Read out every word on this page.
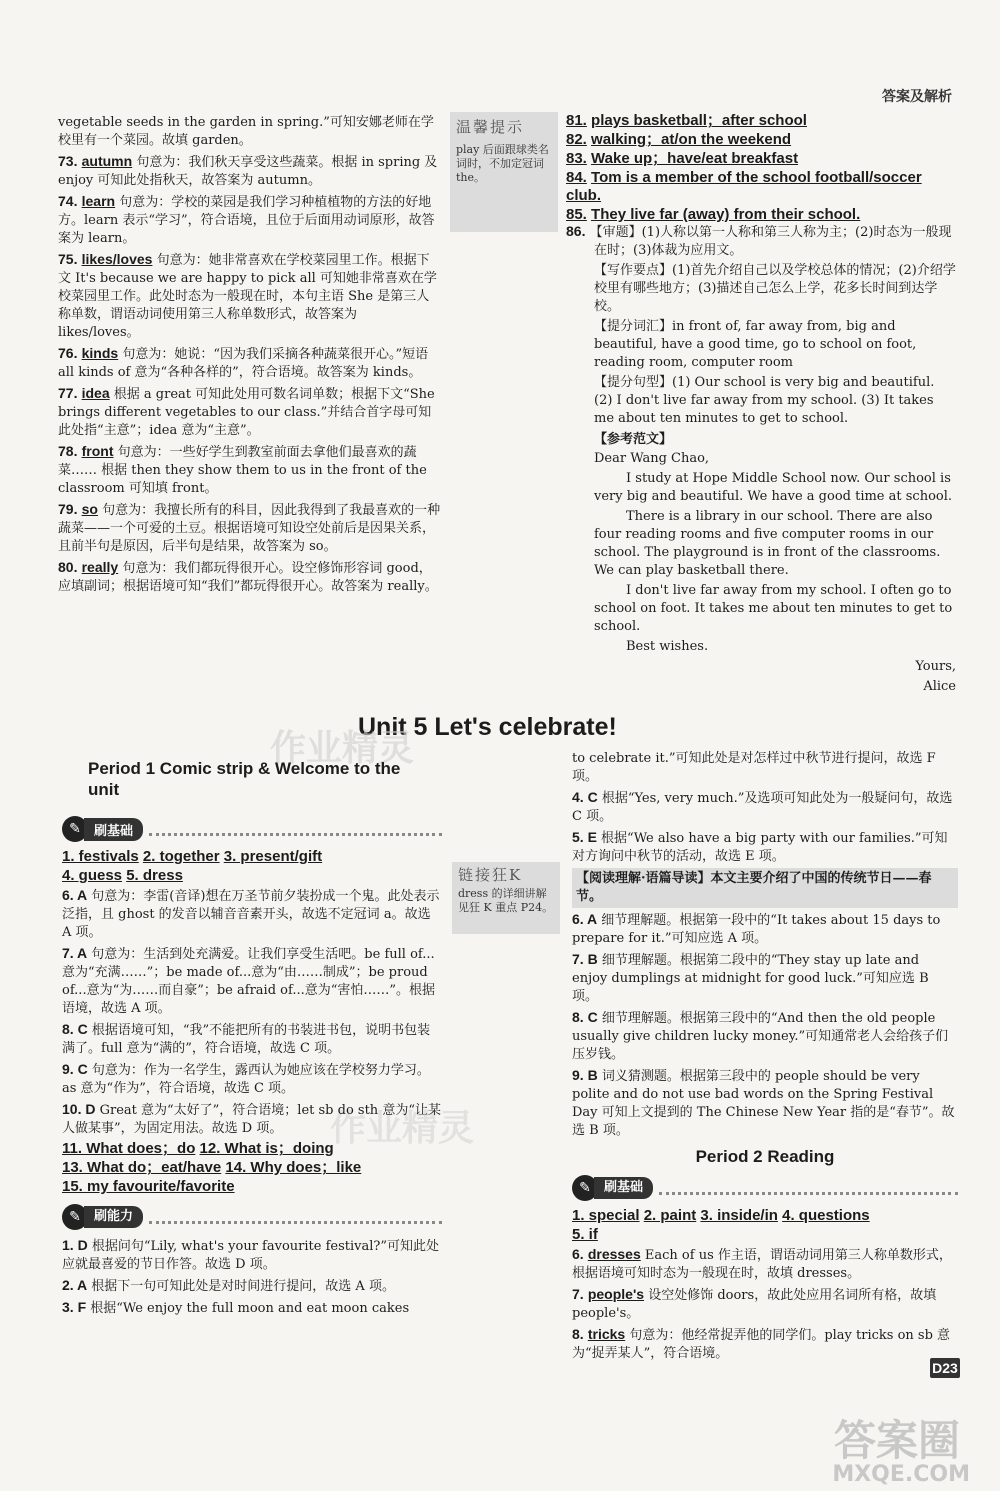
答案及解析

vegetable seeds in the garden in spring.”可知安娜老师在学校里有一个菜园。故填 garden。

73. autumn 句意为：我们秋天享受这些蔬菜。根据 in spring 及 enjoy 可知此处指秋天，故答案为 autumn。

74. learn 句意为：学校的菜园是我们学习种植植物的方法的好地方。learn 表示“学习”，符合语境，且位于后面用动词原形，故答案为 learn。

75. likes/loves 句意为：她非常喜欢在学校菜园里工作。根据下文 It's because we are happy to pick all 可知她非常喜欢在学校菜园里工作。此处时态为一般现在时，本句主语 She 是第三人称单数，谓语动词使用第三人称单数形式，故答案为 likes/loves。

76. kinds 句意为：她说：“因为我们采摘各种蔬菜很开心。”短语 all kinds of 意为“各种各样的”，符合语境。故答案为 kinds。

77. idea 根据 a great 可知此处用可数名词单数；根据下文“She brings different vegetables to our class.”并结合首字母可知此处指“主意”；idea 意为“主意”。

78. front 句意为：一些好学生到教室前面去拿他们最喜欢的蔬菜…… 根据 then they show them to us in the front of the classroom 可知填 front。

79. so 句意为：我擅长所有的科目，因此我得到了我最喜欢的一种蔬菜——一个可爱的土豆。根据语境可知设空处前后是因果关系，且前半句是原因，后半句是结果，故答案为 so。

80. really 句意为：我们都玩得很开心。设空修饰形容词 good，应填副词；根据语境可知“我们”都玩得很开心。故答案为 really。

温馨提示
play 后面跟球类名词时，不加定冠词 the。

81. plays basketball；after school

82. walking；at/on the weekend

83. Wake up；have/eat breakfast

84. Tom is a member of the school football/soccer club.

85. They live far (away) from their school.

86. 【审题】(1)人称以第一人称和第三人称为主；(2)时态为一般现在时；(3)体裁为应用文。

【写作要点】(1)首先介绍自己以及学校总体的情况；(2)介绍学校里有哪些地方；(3)描述自己怎么上学，花多长时间到达学校。

【提分词汇】in front of, far away from, big and beautiful, have a good time, go to school on foot, reading room, computer room

【提分句型】(1) Our school is very big and beautiful. (2) I don't live far away from my school. (3) It takes me about ten minutes to get to school.

【参考范文】

Dear Wang Chao,

I study at Hope Middle School now. Our school is very big and beautiful. We have a good time at school.

There is a library in our school. There are also four reading rooms and five computer rooms in our school. The playground is in front of the classrooms. We can play basketball there.

I don't live far away from my school. I often go to school on foot. It takes me about ten minutes to get to school.

Best wishes.

Yours,

Alice

Unit 5 Let's celebrate!
作业精灵
作业精灵
Period 1 Comic strip & Welcome to the unit
✎	刷基础

1. festivals 2. together 3. present/gift

4. guess 5. dress

6. A 句意为：李雷(音译)想在万圣节前夕装扮成一个鬼。此处表示泛指，且 ghost 的发音以辅音音素开头，故选不定冠词 a。故选 A 项。

7. A 句意为：生活到处充满爱。让我们享受生活吧。be full of...意为“充满……”；be made of...意为“由……制成”；be proud of...意为“为……而自豪”；be afraid of...意为“害怕……”。根据语境，故选 A 项。

8. C 根据语境可知，“我”不能把所有的书装进书包，说明书包装满了。full 意为“满的”，符合语境，故选 C 项。

9. C 句意为：作为一名学生，露西认为她应该在学校努力学习。as 意为“作为”，符合语境，故选 C 项。

10. D Great 意为“太好了”，符合语境；let sb do sth 意为“让某人做某事”，为固定用法。故选 D 项。

11. What does；do 12. What is；doing

13. What do；eat/have 14. Why does；like

15. my favourite/favorite

✎	刷能力

1. D 根据问句“Lily, what's your favourite festival?”可知此处应就最喜爱的节日作答。故选 D 项。

2. A 根据下一句可知此处是对时间进行提问，故选 A 项。

3. F 根据“We enjoy the full moon and eat moon cakes

链接狂K
dress 的详细讲解见狂 K 重点 P24。

to celebrate it.”可知此处是对怎样过中秋节进行提问，故选 F 项。

4. C 根据“Yes, very much.”及选项可知此处为一般疑问句，故选 C 项。

5. E 根据“We also have a big party with our families.”可知对方询问中秋节的活动，故选 E 项。

【阅读理解·语篇导读】本文主要介绍了中国的传统节日——春节。

6. A 细节理解题。根据第一段中的“It takes about 15 days to prepare for it.”可知应选 A 项。

7. B 细节理解题。根据第二段中的“They stay up late and enjoy dumplings at midnight for good luck.”可知应选 B 项。

8. C 细节理解题。根据第三段中的“And then the old people usually give children lucky money.”可知通常老人会给孩子们压岁钱。

9. B 词义猜测题。根据第三段中的 people should be very polite and do not use bad words on the Spring Festival Day 可知上文提到的 The Chinese New Year 指的是“春节”。故选 B 项。

Period 2 Reading

✎	刷基础

1. special 2. paint 3. inside/in 4. questions

5. if

6. dresses Each of us 作主语，谓语动词用第三人称单数形式，根据语境可知时态为一般现在时，故填 dresses。

7. people's 设空处修饰 doors，故此处应用名词所有格，故填 people's。

8. tricks 句意为：他经常捉弄他的同学们。play tricks on sb 意为“捉弄某人”，符合语境。

D23
答案圈
MXQE.COM
